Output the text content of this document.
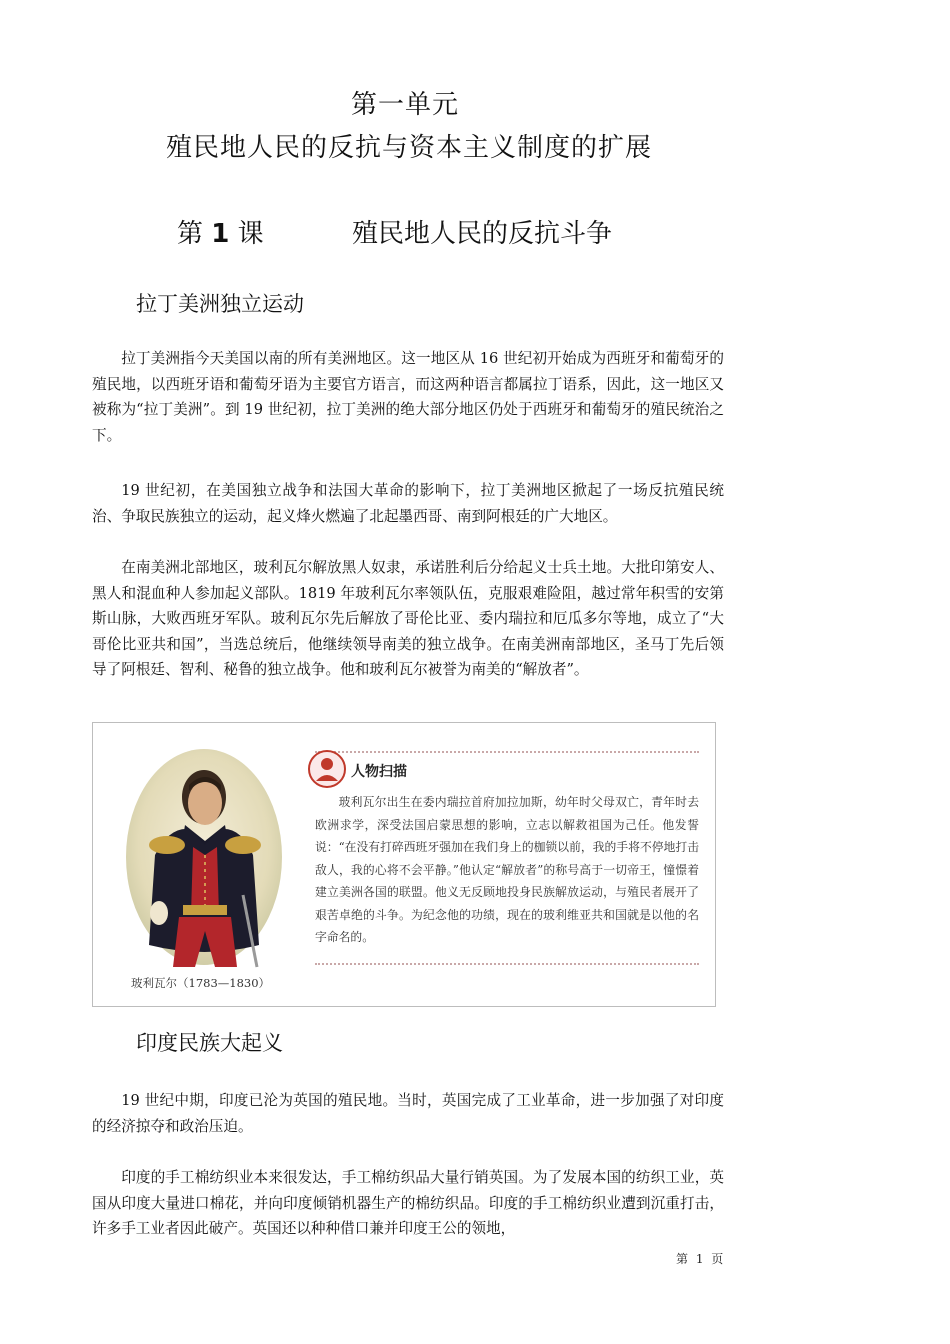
第一单元
殖民地人民的反抗与资本主义制度的扩展
第 1 课	殖民地人民的反抗斗争
拉丁美洲独立运动
拉丁美洲指今天美国以南的所有美洲地区。这一地区从 16 世纪初开始成为西班牙和葡萄牙的殖民地，以西班牙语和葡萄牙语为主要官方语言，而这两种语言都属拉丁语系，因此，这一地区又被称为“拉丁美洲”。到 19 世纪初，拉丁美洲的绝大部分地区仍处于西班牙和葡萄牙的殖民统治之下。
19 世纪初，在美国独立战争和法国大革命的影响下，拉丁美洲地区掀起了一场反抗殖民统治、争取民族独立的运动，起义烽火燃遍了北起墨西哥、南到阿根廷的广大地区。
在南美洲北部地区，玻利瓦尔解放黑人奴隶，承诺胜利后分给起义士兵土地。大批印第安人、黑人和混血种人参加起义部队。1819 年玻利瓦尔率领队伍，克服艰难险阻，越过常年积雪的安第斯山脉，大败西班牙军队。玻利瓦尔先后解放了哥伦比亚、委内瑞拉和厄瓜多尔等地，成立了“大哥伦比亚共和国”，当选总统后，他继续领导南美的独立战争。在南美洲南部地区，圣马丁先后领导了阿根廷、智利、秘鲁的独立战争。他和玻利瓦尔被誉为南美的“解放者”。
玻利瓦尔（1783—1830）
人物扫描
玻利瓦尔出生在委内瑞拉首府加拉加斯，幼年时父母双亡，青年时去欧洲求学，深受法国启蒙思想的影响，立志以解救祖国为己任。他发誓说：“在没有打碎西班牙强加在我们身上的枷锁以前，我的手将不停地打击敌人，我的心将不会平静。”他认定“解放者”的称号高于一切帝王，憧憬着建立美洲各国的联盟。他义无反顾地投身民族解放运动，与殖民者展开了艰苦卓绝的斗争。为纪念他的功绩，现在的玻利维亚共和国就是以他的名字命名的。
印度民族大起义
19 世纪中期，印度已沦为英国的殖民地。当时，英国完成了工业革命，进一步加强了对印度的经济掠夺和政治压迫。
印度的手工棉纺织业本来很发达，手工棉纺织品大量行销英国。为了发展本国的纺织工业，英国从印度大量进口棉花，并向印度倾销机器生产的棉纺织品。印度的手工棉纺织业遭到沉重打击，许多手工业者因此破产。英国还以种种借口兼并印度王公的领地，
第 1 页
